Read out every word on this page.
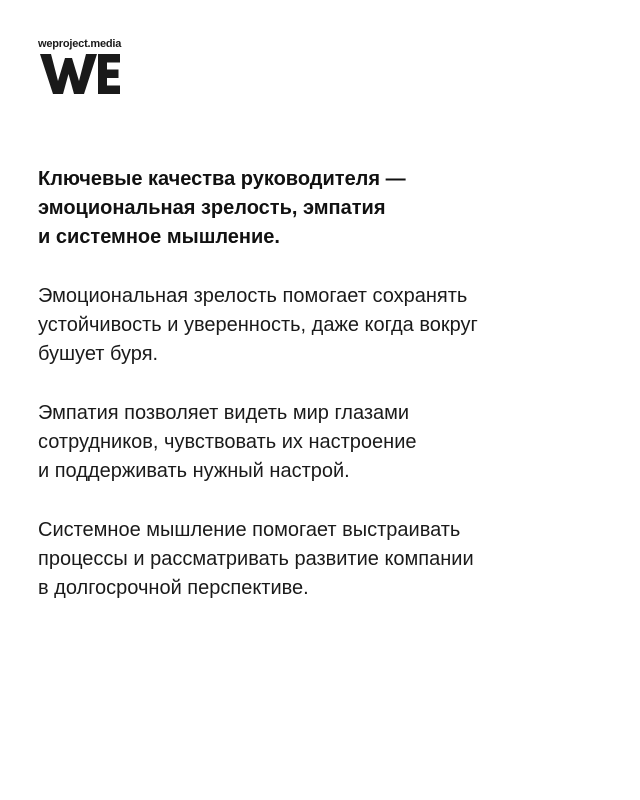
weproject.media
Ключевые качества руководителя —
эмоциональная зрелость, эмпатия
и системное мышление.

Эмоциональная зрелость помогает сохранять
устойчивость и уверенность, даже когда вокруг
бушует буря.

Эмпатия позволяет видеть мир глазами
сотрудников, чувствовать их настроение
и поддерживать нужный настрой.

Системное мышление помогает выстраивать
процессы и рассматривать развитие компании
в долгосрочной перспективе.
